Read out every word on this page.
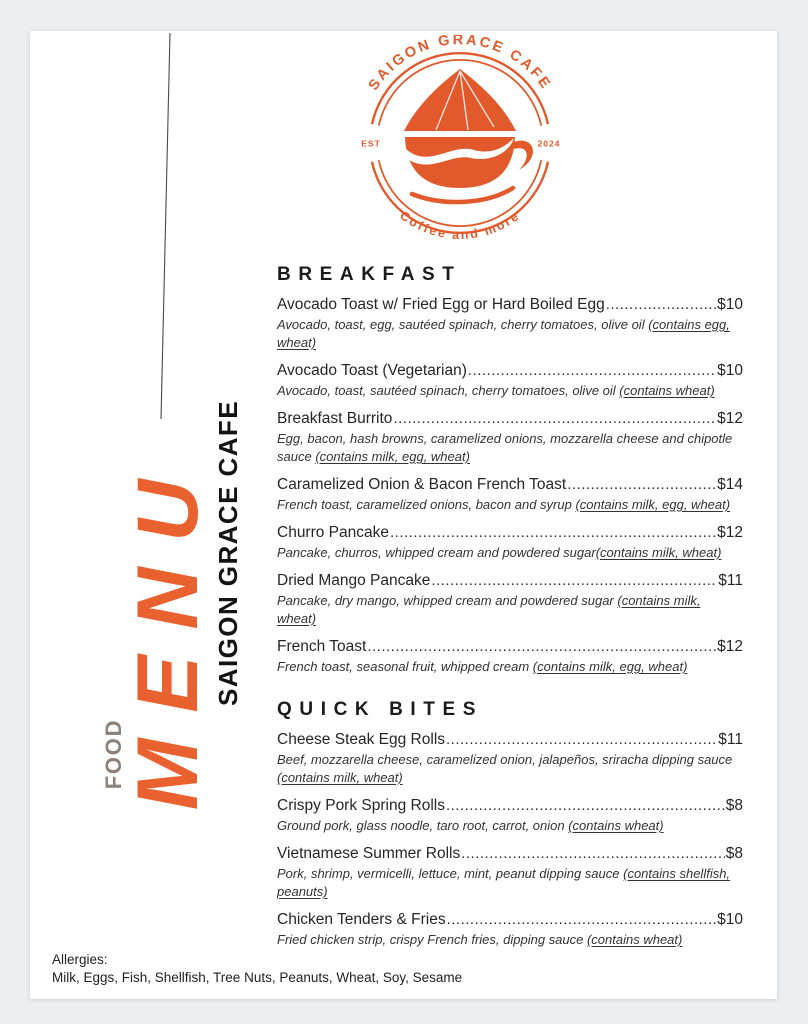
MENU
SAIGON GRACE CAFE
FOOD
SAIGON GRACE CAFE
Coffee and more
EST	2024
BREAKFAST
Avocado Toast w/ Fried Egg or Hard Boiled Egg .....	$10
Avocado, toast, egg, sautéed spinach, cherry tomatoes, olive oil (contains egg, wheat)
Avocado Toast (Vegetarian) .....	$10
Avocado, toast, sautéed spinach, cherry tomatoes, olive oil (contains wheat)
Breakfast Burrito .....	$12
Egg, bacon, hash browns, caramelized onions, mozzarella cheese and chipotle sauce (contains milk, egg, wheat)
Caramelized Onion & Bacon French Toast .....	$14
French toast, caramelized onions, bacon and syrup (contains milk, egg, wheat)
Churro Pancake .....	$12
Pancake, churros, whipped cream and powdered sugar(contains milk, wheat)
Dried Mango Pancake .....	$11
Pancake, dry mango, whipped cream and powdered sugar (contains milk, wheat)
French Toast .....	$12
French toast, seasonal fruit, whipped cream (contains milk, egg, wheat)
QUICK BITES
Cheese Steak Egg Rolls .....	$11
Beef, mozzarella cheese, caramelized onion, jalapeños, sriracha dipping sauce (contains milk, wheat)
Crispy Pork Spring Rolls .....	$8
Ground pork, glass noodle, taro root, carrot, onion (contains wheat)
Vietnamese Summer Rolls .....	$8
Pork, shrimp, vermicelli, lettuce, mint, peanut dipping sauce (contains shellfish, peanuts)
Chicken Tenders & Fries .....	$10
Fried chicken strip, crispy French fries, dipping sauce (contains wheat)
Allergies:
Milk, Eggs, Fish, Shellfish, Tree Nuts, Peanuts, Wheat, Soy, Sesame
